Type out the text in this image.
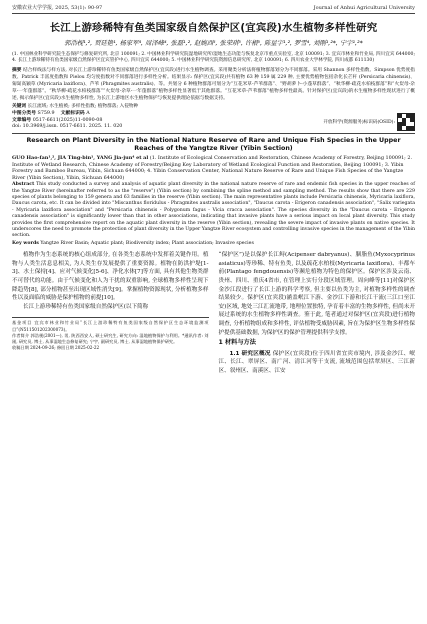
安徽农业大学学报, 2025, 53(1): 90-97	Journal of Anhui Agricultural University
长江上游珍稀特有鱼类国家级自然保护区(宜宾段)水生植物多样性研究
郭浩枧¹,², 贾廷艳¹, 杨家军⁴, 周泽峰⁴, 张磊¹,², 赵婉西⁵, 张荣琪⁵, 许根⁵, 陈星宇¹,², 罗雪⁴, 刘刚¹,²*, 宁宇¹,²*
(1. 中国林业科学研究院生态保护与修复研究所, 北京 100091; 2. 中国林业科学研究院湿地研究所/湿地生态功能与恢复北京市重点实验室, 北京 100091; 3. 宜宾市林业和竹业局, 四川宜宾 644000; 4. 长江上游珍稀特有鱼类国家级自然保护区宜宾管护中心, 四川宜宾 644000; 5. 中国林业科学研究院资源信息研究所, 北京 100091; 6. 四川农业大学林学院, 四川成都 611130)
摘要 结合样线法与样方法, 对长江上游珍稀特有鱼类国家级自然保护区(宜宾段)进行水生植物调查。采用聚类分析法将植物群落划分为不同群落。采用 Shannon 多样性指数、Simpson 优势度指数、Patrick 丰富度指数和 Pielou 均匀度指数对不同群落进行多样性分析。结果显示: 保护区(宜宾段)共有植物 63 种 159 属 229 种, 主要优势植物包括杂化长芒秆 (Persicaria chinensis)、匍匐高颖草 (Myricaria laxiflora)、芦苇 (Phragmites australis)、等。共划分 6 种植物群落可划分为“互花米草-芦苇群落”、“野胡萝卜-小蓬草群落”、“秋华柳-疏花水柏枝群落”和“火炭母-杂草-一年蓬群落”。“秋华柳-疏花水柏枝群落”“火炭母-杂草-一年蓬群落”植物多样性显著低于其他群落。“互花米草-芦苇群落”植物多样性最高。针对保护区(宜宾段)的水生植物多样性现状进行了概述, 揭示保护区(宜宾段)水生植物多样性, 为长江上游地区水生植物保护与恢复提供理论依据与数据支持。
关键词 长江流域; 水生植被; 多样性指数; 植物群落; 入侵物种
中图分类号 S759.9 文献标识码 A
文章编号 0517-6611(2025)11-0090-08
doi: 10.3969/j.issn. 0517-6611. 2025. 11. 020
开放科学(资源服务)标识码(OSID):
Research on Plant Diversity in the National Nature Reserve of Rare and Unique Fish Species in the Upper Reaches of the Yangtze River (Yibin Section)
GUO Hao-fan¹,², JIA Ting-bin¹, YANG Jia-jun⁴ et al (1. Institute of Ecological Conservation and Restoration, Chinese Academy of Forestry, Beijing 100091; 2. Institute of Wetland Research, Chinese Academy of Forestry/Beijing Key Laboratory of Wetland Ecological Function and Restoration, Beijing 100091; 3. Yibin Forestry and Bamboo Bureau, Yibin, Sichuan 644000; 4. Yibin Conservation Center, National Nature Reserve of Rare and Unique Fish Species of the Yangtze River (Yibin Section), Yibin, Sichuan 644000)
Abstract This study conducted a survey and analysis of aquatic plant diversity in the national nature reserve of rare and endemic fish species in the upper reaches of the Yangtze River (hereinafter referred to as the "reserve") (Yibin section) by combining the spline method and sampling method. The results show that there are 229 species of plants belonging to 159 genera and 63 families in the reserve (Yibin section). The main representative plants include Persicaria chinensis, Myricaria laxiflora, Daucus carota, etc. It can be divided into "Miscanthus floridulus - Phragmites australis association", "Daucus carota - Erigeron canadensis association", "Salix variegata - Myricaria laxiflora association" and "Persicaria chinensis - Polygonum fagus - Vicia cracca association". The species diversity in the "Daucus carota - Erigeron canadensis association" is significantly lower than that in other associations, indicating that invasive plants have a serious impact on local plant diversity. This study provides the first comprehensive report on the aquatic plant diversity in the reserve (Yibin section), revealing the severe impact of invasive plants on native species. It underscores the need to promote the protection of plant diversity in the Upper Yangtze River ecosystem and controlling invasive species in the management of the Yibin section.
Key words Yangtze River Basin; Aquatic plant; Biodiversity index; Plant association; Invasive species

植物作为生态系统的核心组成部分, 在各类生态系统中发挥着关键作用。植物与人类生活息息相关, 为人类生存发展提供了重要资源。植物在防洪护堤[1-3]、水土保持[4]、应对气候变化[5-6]、净化水体[7]等方面, 具有其他生物类群不可替代的功能。由于气候变化和人为干扰的双重影响, 全球植物多样性呈现下降趋势[8], 部分植物甚至出现区域性消失[9]。掌握植物资源现状, 分析植物多样性以及面临的威胁是保护植物的前提[10]。

长江上游珍稀特有鱼类国家级自然保护区(以下简称

基金项目 宜宾市林业和竹业局“长江上游珍稀特有鱼类国家级自然保护区生态环境监测项目”(N511501202300073)。
作者简介 郭浩枧(2001—), 男, 陕西西安人, 硕士研究生, 研究方向: 湿地植物保护与利用。*通讯作者: 刘刚, 研究员, 博士, 从事湿地生态修复研究; 宁宇, 副研究员, 博士, 从事湿地植物保护研究。
收稿日期 2024-09-26; 修回日期 2025-02-22

“保护区”)是以保护长江鲟(Acipenser dabryanus)、胭脂鱼(Myxocyprinus asiaticus)等珍稀、特有鱼类, 以及疏花水柏枝(Myricaria laxiflora)、丰都车前(Plantago fengdouensis)等濒危植物为特色的保护区。保护区涉及云南、贵州、四川、重庆4省市, 在管理上实行分段区域管理。周向峰等[11]对保护区金沙江段进行了长江上游的科学考察, 但主要以鱼类为主, 对植物多样性的调查结果较少。保护区(宜宾段)涵盖岷江下游、金沙江下游和长江干流(三江口至江安)区域, 地处三江汇流地带, 地理位置独特, 孕育着丰富的生物多样性, 但尚未开展过系统的水生植物多样性调查。鉴于此, 笔者通过对保护区(宜宾段)进行植物调查, 分析植物组成和多样性, 评估植物受威胁因素, 旨在为保护区生物多样性保护提供基础数据, 为保护区的保护管理提供科学支撑。

1 材料与方法

1.1 研究区概况 保护区(宜宾段)位于四川省宜宾市境内, 涉及金沙江、岷江、长江、翠屏区、南广河、清江河等干支流, 流域范围包括翠屏区、三江新区、叙州区、南溪区、江安
